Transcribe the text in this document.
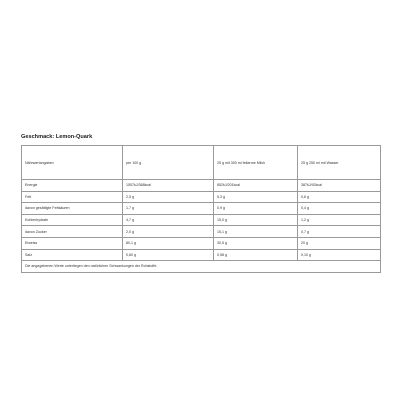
Geschmack: Lemon-Quark
Nährwertangaben	per 100 g	25 g mit 300 ml fettarme Milch	25 g 250 ml mit Wasser
Energie	1557kJ/368kcal	852kJ/201kcal	387kJ/92kcal
Fett	2,5 g	5,3 g	0,6 g
davon gesättigte Fettsäuren	1,7 g	0,9 g	0,4 g
Kohlenhydrate	4,7 g	15,0 g	1,2 g
davon Zucker	2,0 g	15,1 g	0,7 g
Eiweiss	80,1 g	30,5 g	20 g
Salz	0,60 g	0,58 g	0,10 g
Die angegebenen Werte unterliegen den natürlichen Schwankungen der Rohstoffe.			
